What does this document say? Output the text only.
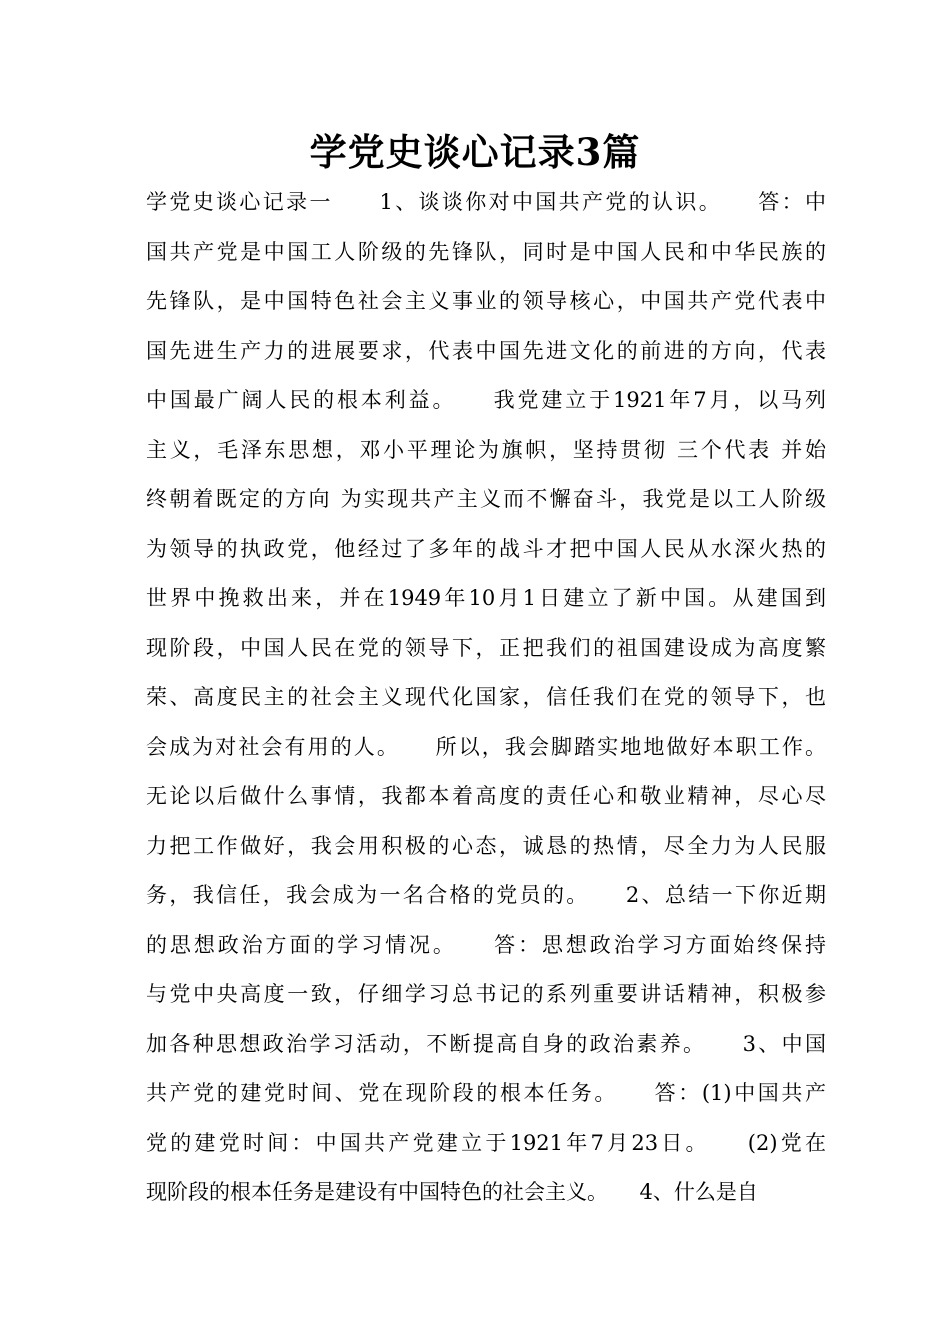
学党史谈心记录3篇
学党史谈心记录一　　1、谈谈你对中国共产党的认识。　　答：中
国共产党是中国工人阶级的先锋队，同时是中国人民和中华民族的
先锋队，是中国特色社会主义事业的领导核心，中国共产党代表中
国先进生产力的进展要求，代表中国先进文化的前进的方向，代表
中国最广阔人民的根本利益。　　我党建立于1921年7月，以马列
主义，毛泽东思想，邓小平理论为旗帜，坚持贯彻 三个代表 并始
终朝着既定的方向 为实现共产主义而不懈奋斗，我党是以工人阶级
为领导的执政党，他经过了多年的战斗才把中国人民从水深火热的
世界中挽救出来，并在1949年10月1日建立了新中国。从建国到
现阶段，中国人民在党的领导下，正把我们的祖国建设成为高度繁
荣、高度民主的社会主义现代化国家，信任我们在党的领导下，也
会成为对社会有用的人。　　所以，我会脚踏实地地做好本职工作。
无论以后做什么事情，我都本着高度的责任心和敬业精神，尽心尽
力把工作做好，我会用积极的心态，诚恳的热情，尽全力为人民服
务，我信任，我会成为一名合格的党员的。　　2、总结一下你近期
的思想政治方面的学习情况。　　答：思想政治学习方面始终保持
与党中央高度一致，仔细学习总书记的系列重要讲话精神，积极参
加各种思想政治学习活动，不断提高自身的政治素养。　　3、中国
共产党的建党时间、党在现阶段的根本任务。　　答：(1)中国共产
党的建党时间：中国共产党建立于1921年7月23日。　　(2)党在
现阶段的根本任务是建设有中国特色的社会主义。　　4、什么是自
